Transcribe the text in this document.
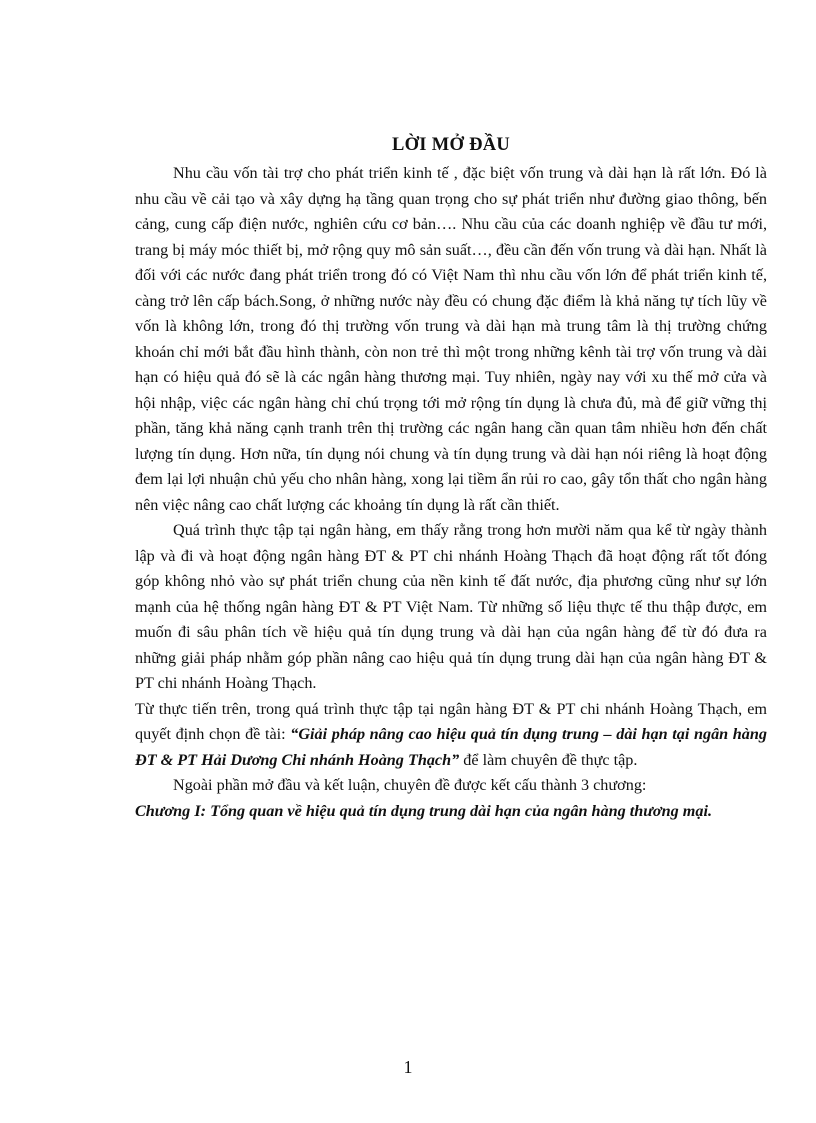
LỜI MỞ ĐẦU

Nhu cầu vốn tài trợ cho phát triển kinh tế , đặc biệt vốn trung và dài hạn là rất lớn. Đó là nhu cầu về cải tạo và xây dựng hạ tầng quan trọng cho sự phát triển như đường giao thông, bến cảng, cung cấp điện nước, nghiên cứu cơ bản…. Nhu cầu của các doanh nghiệp về đầu tư mới, trang bị máy móc thiết bị, mở rộng quy mô sản suất…, đều cần đến vốn trung và dài hạn. Nhất là đối với các nước đang phát triển trong đó có Việt Nam thì nhu cầu vốn lớn để phát triển kinh tế, càng trở lên cấp bách.Song, ở những nước này đều có chung đặc điểm là khả năng tự tích lũy về vốn là không lớn, trong đó thị trường vốn trung và dài hạn mà trung tâm là thị trường chứng khoán chỉ mới bắt đầu hình thành, còn non trẻ thì một trong những kênh tài trợ vốn trung và dài hạn có hiệu quả đó sẽ là các ngân hàng thương mại. Tuy nhiên, ngày nay với xu thế mở cửa và hội nhập, việc các ngân hàng chỉ chú trọng tới mở rộng tín dụng là chưa đủ, mà để giữ vững thị phần, tăng khả năng cạnh tranh trên thị trường các ngân hang cần quan tâm nhiều hơn đến chất lượng tín dụng. Hơn nữa, tín dụng nói chung và tín dụng trung và dài hạn nói riêng là hoạt động đem lại lợi nhuận chủ yếu cho nhân hàng, xong lại tiềm ẩn rủi ro cao, gây tổn thất cho ngân hàng nên việc nâng cao chất lượng các khoảng tín dụng là rất cần thiết.

Quá trình thực tập tại ngân hàng, em thấy rằng trong hơn mười năm qua kể từ ngày thành lập và đi và hoạt động ngân hàng ĐT & PT chi nhánh Hoàng Thạch đã hoạt động rất tốt đóng góp không nhỏ vào sự phát triển chung của nền kinh tế đất nước, địa phương cũng như sự lớn mạnh của hệ thống ngân hàng ĐT & PT Việt Nam. Từ những số liệu thực tế thu thập được, em muốn đi sâu phân tích về hiệu quả tín dụng trung và dài hạn của ngân hàng để từ đó đưa ra những giải pháp nhằm góp phần nâng cao hiệu quả tín dụng trung dài hạn của ngân hàng ĐT & PT chi nhánh Hoàng Thạch.

Từ thực tiến trên, trong quá trình thực tập tại ngân hàng ĐT & PT chi nhánh Hoàng Thạch, em quyết định chọn đề tài: “Giải pháp nâng cao hiệu quả tín dụng trung – dài hạn tại ngân hàng ĐT & PT Hải Dương Chi nhánh Hoàng Thạch” để làm chuyên đề thực tập.

Ngoài phần mở đầu và kết luận, chuyên đề được kết cấu thành 3 chương:

Chương I: Tổng quan về hiệu quả tín dụng trung dài hạn của ngân hàng thương mại.

1
